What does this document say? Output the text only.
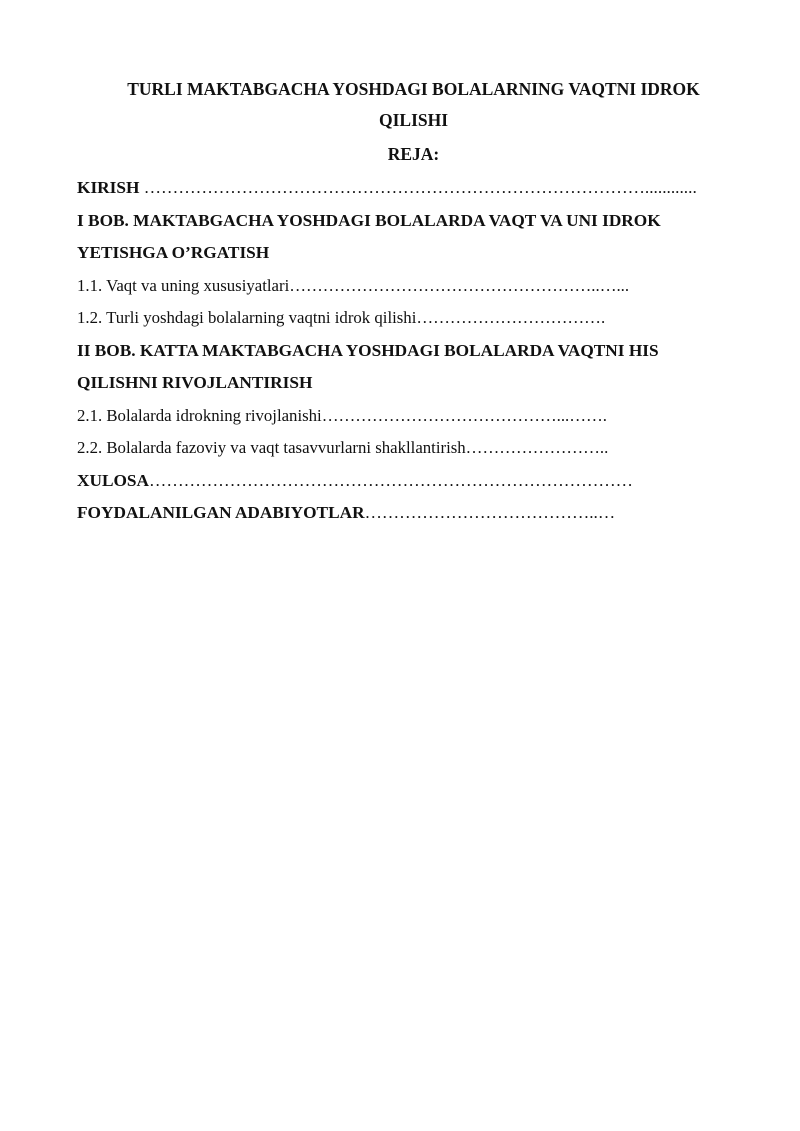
TURLI MAKTABGACHA YOSHDAGI BOLALARNING VAQTNI IDROK
QILISHI
REJA:
KIRISH ……………………………………………………………………………............
I BOB. MAKTABGACHA YOSHDAGI BOLALARDA VAQT VA UNI IDROK
YETISHGA O’RGATISH
1.1. Vaqt va uning xususiyatlari………………………………………………..…...
1.2. Turli yoshdagi bolalarning vaqtni idrok qilishi…………………………….
II BOB. KATTA MAKTABGACHA YOSHDAGI BOLALARDA VAQTNI HIS
QILISHNI RIVOJLANTIRISH
2.1. Bolalarda idrokning rivojlanishi……………………………………...…….
2.2. Bolalarda fazoviy va vaqt tasavvurlarni shakllantirish……………………..
XULOSA…………………………………………………………………………
FOYDALANILGAN ADABIYOTLAR…………………………………..…
